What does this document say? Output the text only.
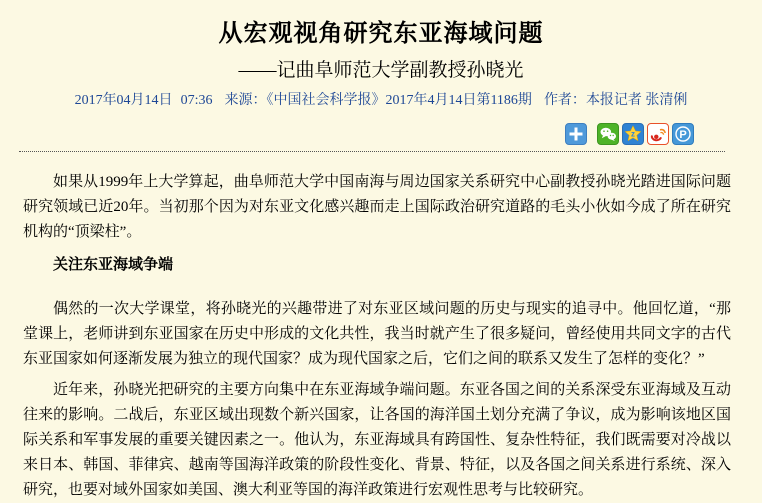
从宏观视角研究东亚海域问题
——记曲阜师范大学副教授孙晓光
2017年04月14日 07:36 来源：《中国社会科学报》2017年4月14日第1186期 作者：本报记者 张清俐
z	P

如果从1999年上大学算起，曲阜师范大学中国南海与周边国家关系研究中心副教授孙晓光踏进国际问题研究领域已近20年。当初那个因为对东亚文化感兴趣而走上国际政治研究道路的毛头小伙如今成了所在研究机构的“顶梁柱”。

关注东亚海域争端

偶然的一次大学课堂，将孙晓光的兴趣带进了对东亚区域问题的历史与现实的追寻中。他回忆道，“那堂课上，老师讲到东亚国家在历史中形成的文化共性，我当时就产生了很多疑问，曾经使用共同文字的古代东亚国家如何逐渐发展为独立的现代国家？成为现代国家之后，它们之间的联系又发生了怎样的变化？”

近年来，孙晓光把研究的主要方向集中在东亚海域争端问题。东亚各国之间的关系深受东亚海域及互动往来的影响。二战后，东亚区域出现数个新兴国家，让各国的海洋国土划分充满了争议，成为影响该地区国际关系和军事发展的重要关键因素之一。他认为，东亚海域具有跨国性、复杂性特征，我们既需要对冷战以来日本、韩国、菲律宾、越南等国海洋政策的阶段性变化、背景、特征，以及各国之间关系进行系统、深入研究，也要对域外国家如美国、澳大利亚等国的海洋政策进行宏观性思考与比较研究。
